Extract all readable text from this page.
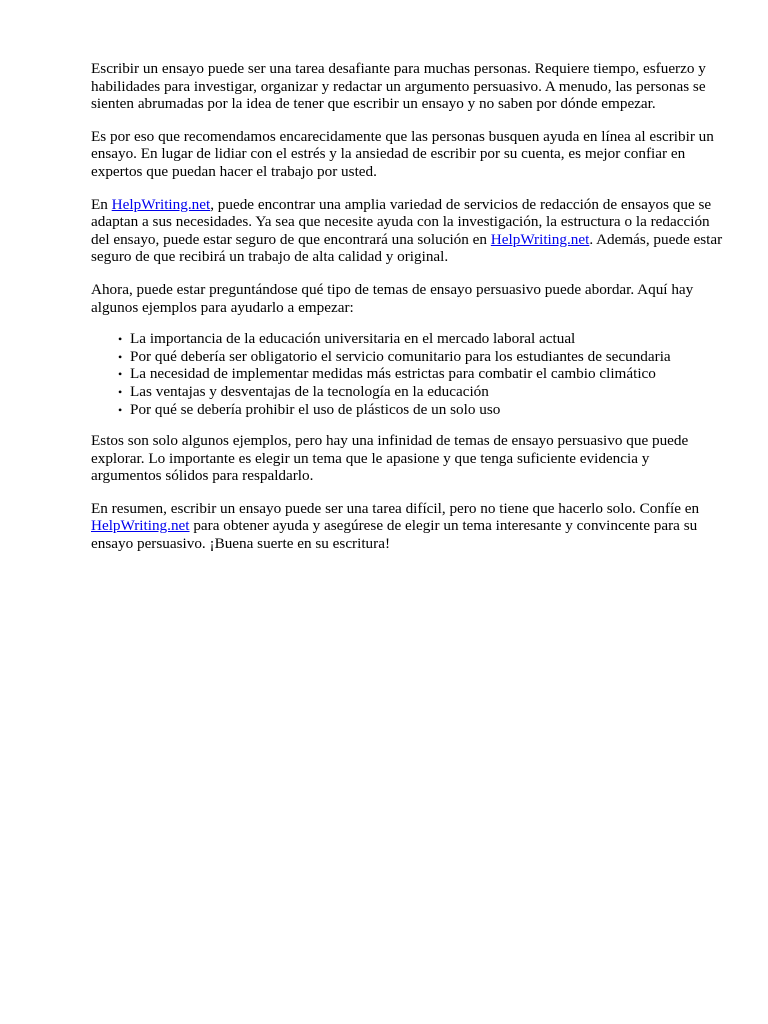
Escribir un ensayo puede ser una tarea desafiante para muchas personas. Requiere tiempo, esfuerzo y habilidades para investigar, organizar y redactar un argumento persuasivo. A menudo, las personas se sienten abrumadas por la idea de tener que escribir un ensayo y no saben por dónde empezar.

Es por eso que recomendamos encarecidamente que las personas busquen ayuda en línea al escribir un ensayo. En lugar de lidiar con el estrés y la ansiedad de escribir por su cuenta, es mejor confiar en expertos que puedan hacer el trabajo por usted.

En HelpWriting.net, puede encontrar una amplia variedad de servicios de redacción de ensayos que se adaptan a sus necesidades. Ya sea que necesite ayuda con la investigación, la estructura o la redacción del ensayo, puede estar seguro de que encontrará una solución en HelpWriting.net. Además, puede estar seguro de que recibirá un trabajo de alta calidad y original.

Ahora, puede estar preguntándose qué tipo de temas de ensayo persuasivo puede abordar. Aquí hay algunos ejemplos para ayudarlo a empezar:

• La importancia de la educación universitaria en el mercado laboral actual
• Por qué debería ser obligatorio el servicio comunitario para los estudiantes de secundaria
• La necesidad de implementar medidas más estrictas para combatir el cambio climático
• Las ventajas y desventajas de la tecnología en la educación
• Por qué se debería prohibir el uso de plásticos de un solo uso

Estos son solo algunos ejemplos, pero hay una infinidad de temas de ensayo persuasivo que puede explorar. Lo importante es elegir un tema que le apasione y que tenga suficiente evidencia y argumentos sólidos para respaldarlo.

En resumen, escribir un ensayo puede ser una tarea difícil, pero no tiene que hacerlo solo. Confíe en HelpWriting.net para obtener ayuda y asegúrese de elegir un tema interesante y convincente para su ensayo persuasivo. ¡Buena suerte en su escritura!
